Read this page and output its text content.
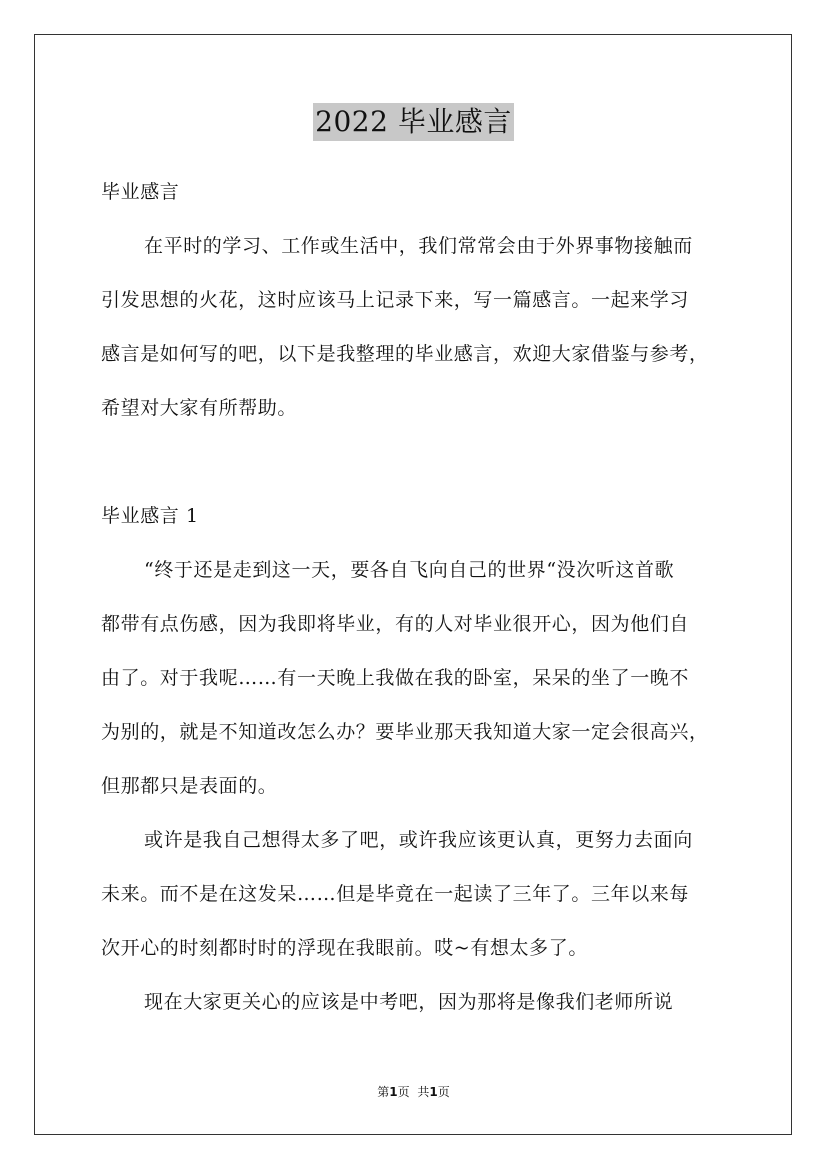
2022 毕业感言
毕业感言
在平时的学习、工作或生活中，我们常常会由于外界事物接触而
引发思想的火花，这时应该马上记录下来，写一篇感言。一起来学习
感言是如何写的吧，以下是我整理的毕业感言，欢迎大家借鉴与参考，
希望对大家有所帮助。
毕业感言 1
“终于还是走到这一天，要各自飞向自己的世界“没次听这首歌
都带有点伤感，因为我即将毕业，有的人对毕业很开心，因为他们自
由了。对于我呢……有一天晚上我做在我的卧室，呆呆的坐了一晚不
为别的，就是不知道改怎么办？要毕业那天我知道大家一定会很高兴，
但那都只是表面的。
或许是我自己想得太多了吧，或许我应该更认真，更努力去面向
未来。而不是在这发呆……但是毕竟在一起读了三年了。三年以来每
次开心的时刻都时时的浮现在我眼前。哎~有想太多了。
现在大家更关心的应该是中考吧，因为那将是像我们老师所说
第1页 共1页
